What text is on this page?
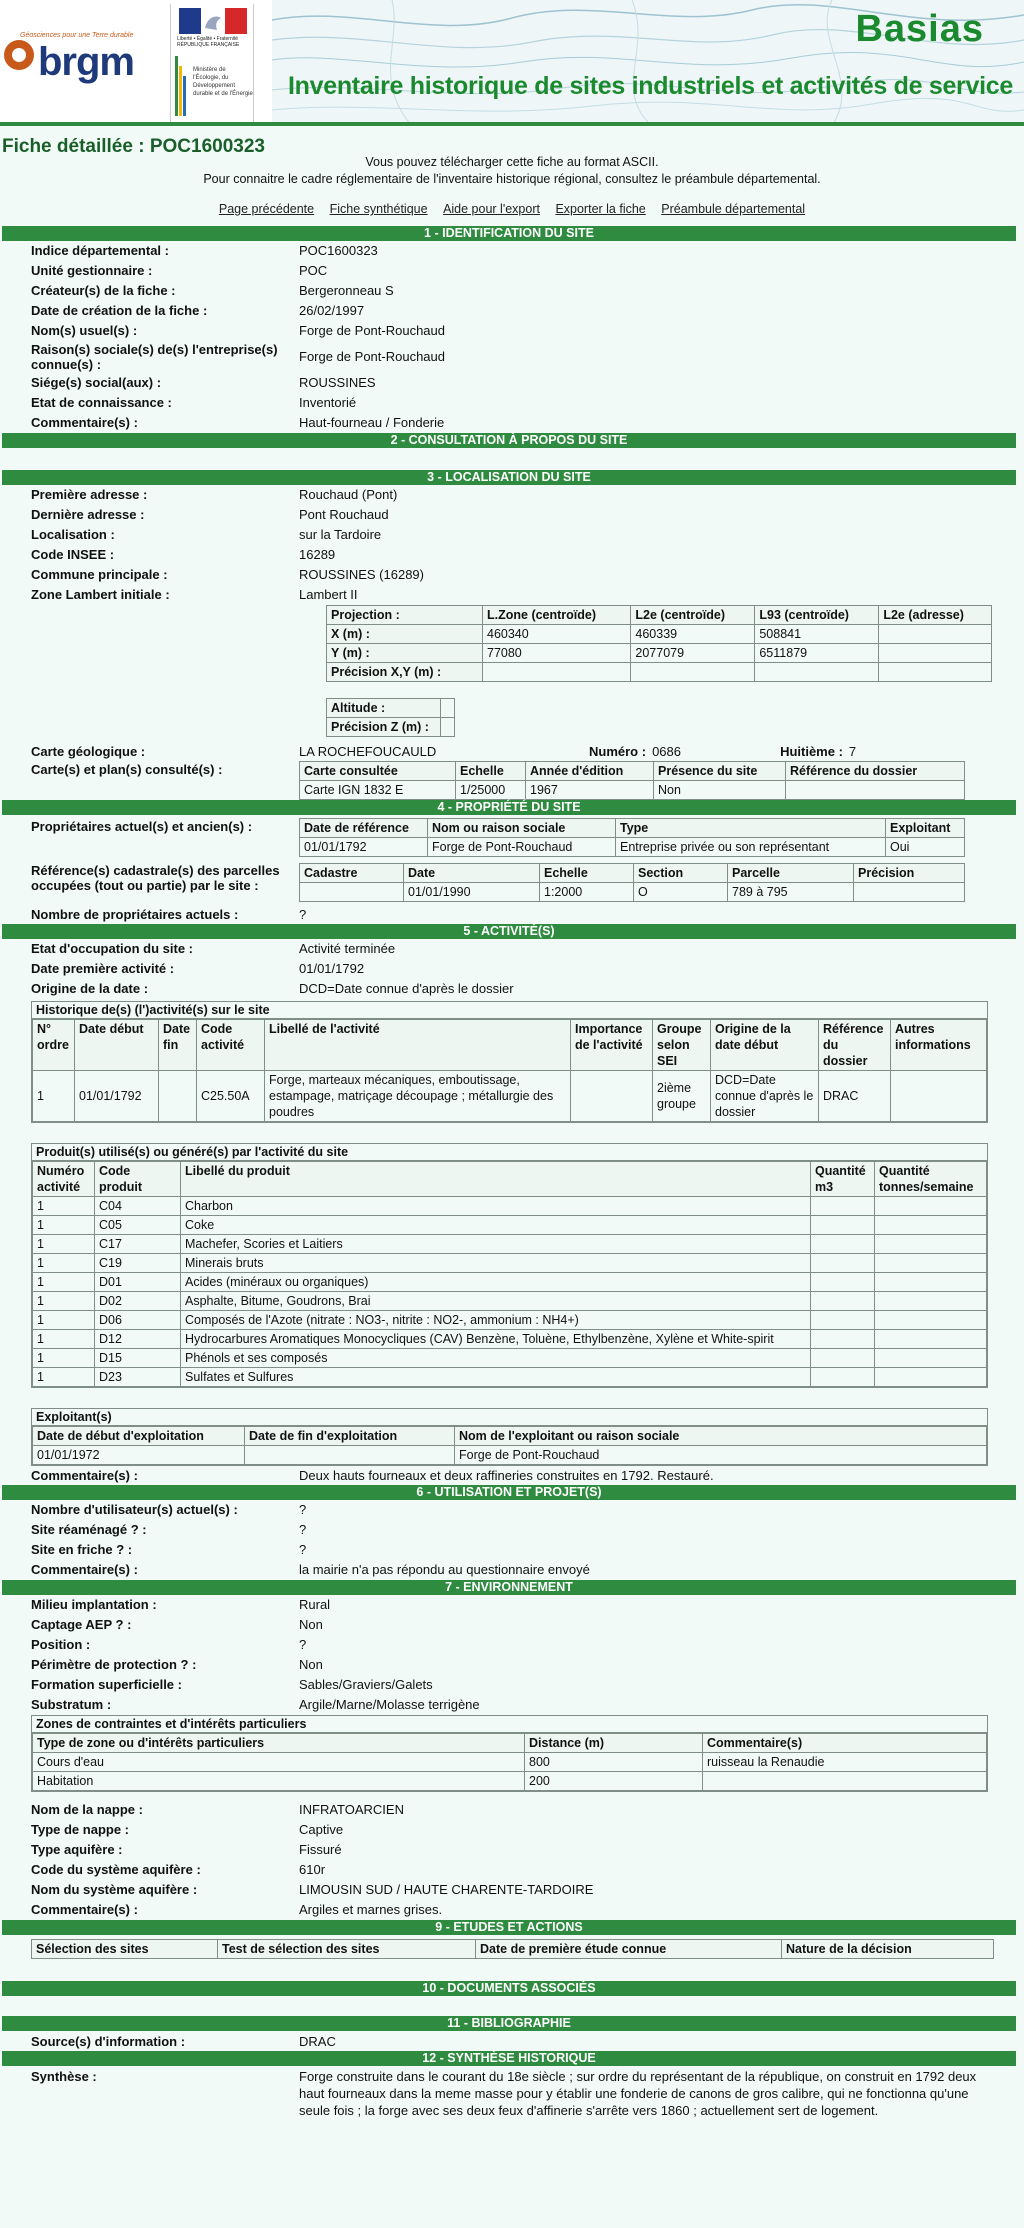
Géosciences pour une Terre durable
brgm
Liberté • Égalité • Fraternité RÉPUBLIQUE FRANÇAISE
Ministère de l'Écologie, du Développement durable et de l'Énergie
Basias
Inventaire historique de sites industriels et activités de service
Fiche détaillée : POC1600323
Vous pouvez télécharger cette fiche au format ASCII.
Pour connaitre le cadre réglementaire de l'inventaire historique régional, consultez le préambule départemental.
Page précédente Fiche synthétique Aide pour l'export Exporter la fiche Préambule départemental
1 - IDENTIFICATION DU SITE
Indice départemental :	POC1600323
Unité gestionnaire :	POC
Créateur(s) de la fiche :	Bergeronneau S
Date de création de la fiche :	26/02/1997
Nom(s) usuel(s) :	Forge de Pont-Rouchaud
Raison(s) sociale(s) de(s) l'entreprise(s) connue(s) :	Forge de Pont-Rouchaud
Siége(s) social(aux) :	ROUSSINES
Etat de connaissance :	Inventorié
Commentaire(s) :	Haut-fourneau / Fonderie
2 - CONSULTATION À PROPOS DU SITE
3 - LOCALISATION DU SITE
Première adresse :	Rouchaud (Pont)
Dernière adresse :	Pont Rouchaud
Localisation :	sur la Tardoire
Code INSEE :	16289
Commune principale :	ROUSSINES (16289)
Zone Lambert initiale :	Lambert II
Projection :	L.Zone (centroïde)	L2e (centroïde)	L93 (centroïde)	L2e (adresse)
X (m) :	460340	460339	508841	
Y (m) :	77080	2077079	6511879	
Précision X,Y (m) :				
Altitude :	
Précision Z (m) :	
Carte géologique :	LA ROCHEFOUCAULD	Numéro : 0686	Huitième : 7
Carte(s) et plan(s) consulté(s) :	Carte consultée	Echelle	Année d'édition	Présence du site	Référence du dossier
Carte IGN 1832 E	1/25000	1967	Non	
4 - PROPRIÉTÉ DU SITE
Propriétaires actuel(s) et ancien(s) :	Date de référence	Nom ou raison sociale	Type	Exploitant
01/01/1792	Forge de Pont-Rouchaud	Entreprise privée ou son représentant	Oui
Référence(s) cadastrale(s) des parcelles occupées (tout ou partie) par le site :
Cadastre	Date	Echelle	Section	Parcelle	Précision
	01/01/1990	1:2000	O	789 à 795	
Nombre de propriétaires actuels :	?
5 - ACTIVITÉ(S)
Etat d'occupation du site :	Activité terminée
Date première activité :	01/01/1792
Origine de la date :	DCD=Date connue d'après le dossier
Historique de(s) (l')activité(s) sur le site
N° ordre	Date début	Date fin	Code activité	Libellé de l'activité	Importance de l'activité	Groupe selon SEI	Origine de la date début	Référence du dossier	Autres informations
1	01/01/1792		C25.50A	Forge, marteaux mécaniques, emboutissage, estampage, matriçage découpage ; métallurgie des poudres		2ième groupe	DCD=Date connue d'après le dossier	DRAC	
Produit(s) utilisé(s) ou généré(s) par l'activité du site
Numéro activité	Code produit	Libellé du produit	Quantité m3	Quantité tonnes/semaine
1	C04	Charbon		
1	C05	Coke		
1	C17	Machefer, Scories et Laitiers		
1	C19	Minerais bruts		
1	D01	Acides (minéraux ou organiques)		
1	D02	Asphalte, Bitume, Goudrons, Brai		
1	D06	Composés de l'Azote (nitrate : NO3-, nitrite : NO2-, ammonium : NH4+)		
1	D12	Hydrocarbures Aromatiques Monocycliques (CAV) Benzène, Toluène, Ethylbenzène, Xylène et White-spirit		
1	D15	Phénols et ses composés		
1	D23	Sulfates et Sulfures		
Exploitant(s)
Date de début d'exploitation	Date de fin d'exploitation	Nom de l'exploitant ou raison sociale
01/01/1972		Forge de Pont-Rouchaud
Commentaire(s) :	Deux hauts fourneaux et deux raffineries construites en 1792. Restauré.
6 - UTILISATION ET PROJET(S)
Nombre d'utilisateur(s) actuel(s) :	?
Site réaménagé ? :	?
Site en friche ? :	?
Commentaire(s) :	la mairie n'a pas répondu au questionnaire envoyé
7 - ENVIRONNEMENT
Milieu implantation :	Rural
Captage AEP ? :	Non
Position :	?
Périmètre de protection ? :	Non
Formation superficielle :	Sables/Graviers/Galets
Substratum :	Argile/Marne/Molasse terrigène
Zones de contraintes et d'intérêts particuliers
Type de zone ou d'intérêts particuliers	Distance (m)	Commentaire(s)
Cours d'eau	800	ruisseau la Renaudie
Habitation	200	
Nom de la nappe :	INFRATOARCIEN
Type de nappe :	Captive
Type aquifère :	Fissuré
Code du système aquifère :	610r
Nom du système aquifère :	LIMOUSIN SUD / HAUTE CHARENTE-TARDOIRE
Commentaire(s) :	Argiles et marnes grises.
9 - ETUDES ET ACTIONS
Sélection des sites	Test de sélection des sites	Date de première étude connue	Nature de la décision
10 - DOCUMENTS ASSOCIÉS
11 - BIBLIOGRAPHIE
Source(s) d'information :	DRAC
12 - SYNTHÈSE HISTORIQUE
Synthèse :	Forge construite dans le courant du 18e siècle ; sur ordre du représentant de la république, on construit en 1792 deux haut fourneaux dans la meme masse pour y établir une fonderie de canons de gros calibre, qui ne fonctionna qu'une seule fois ; la forge avec ses deux feux d'affinerie s'arrête vers 1860 ; actuellement sert de logement.
